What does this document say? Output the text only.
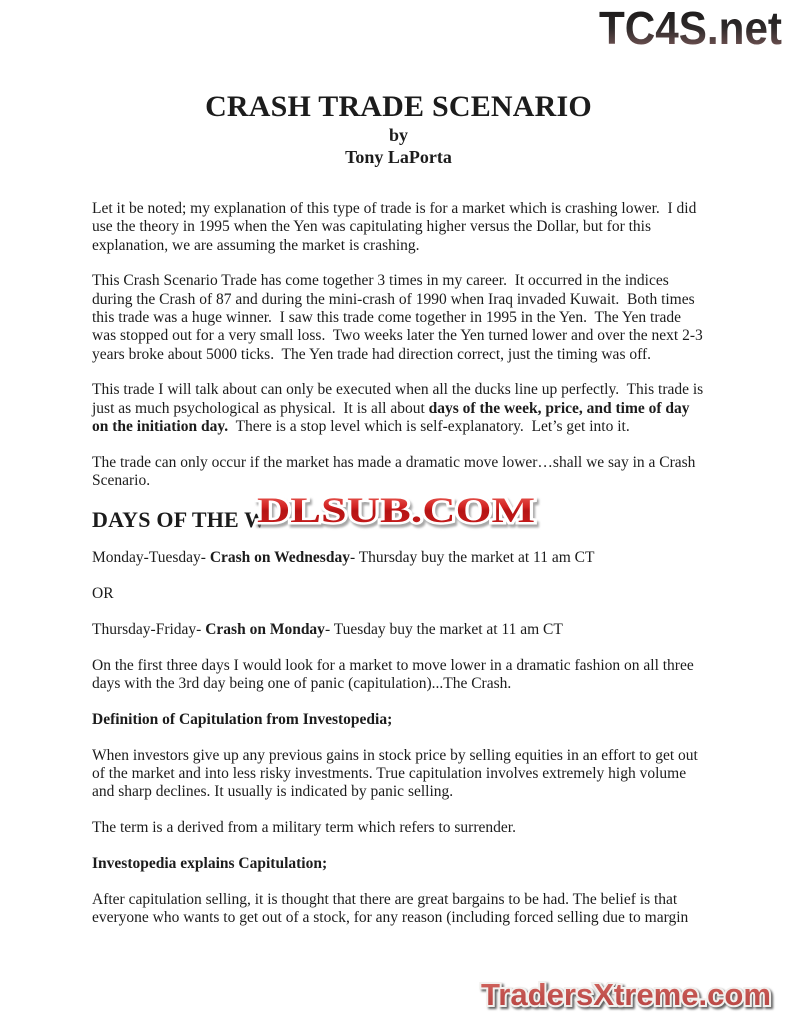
TC4S.net
CRASH TRADE SCENARIO
by
Tony LaPorta

Let it be noted; my explanation of this type of trade is for a market which is crashing lower.  I did use the theory in 1995 when the Yen was capitulating higher versus the Dollar, but for this explanation, we are assuming the market is crashing.

This Crash Scenario Trade has come together 3 times in my career.  It occurred in the indices during the Crash of 87 and during the mini-crash of 1990 when Iraq invaded Kuwait.  Both times this trade was a huge winner.  I saw this trade come together in 1995 in the Yen.  The Yen trade was stopped out for a very small loss.  Two weeks later the Yen turned lower and over the next 2-3 years broke about 5000 ticks.  The Yen trade had direction correct, just the timing was off.

This trade I will talk about can only be executed when all the ducks line up perfectly.  This trade is just as much psychological as physical.  It is all about days of the week, price, and time of day on the initiation day.  There is a stop level which is self-explanatory.  Let’s get into it.

The trade can only occur if the market has made a dramatic move lower…shall we say in a Crash Scenario.

DAYS OF THE W

Monday-Tuesday- Crash on Wednesday- Thursday buy the market at 11 am CT

OR

Thursday-Friday- Crash on Monday- Tuesday buy the market at 11 am CT

On the first three days I would look for a market to move lower in a dramatic fashion on all three days with the 3rd day being one of panic (capitulation)...The Crash.

Definition of Capitulation from Investopedia;

When investors give up any previous gains in stock price by selling equities in an effort to get out of the market and into less risky investments. True capitulation involves extremely high volume and sharp declines. It usually is indicated by panic selling.

The term is a derived from a military term which refers to surrender.

Investopedia explains Capitulation;

After capitulation selling, it is thought that there are great bargains to be had. The belief is that everyone who wants to get out of a stock, for any reason (including forced selling due to margin

DLSUB.COM
TradersXtreme.com
